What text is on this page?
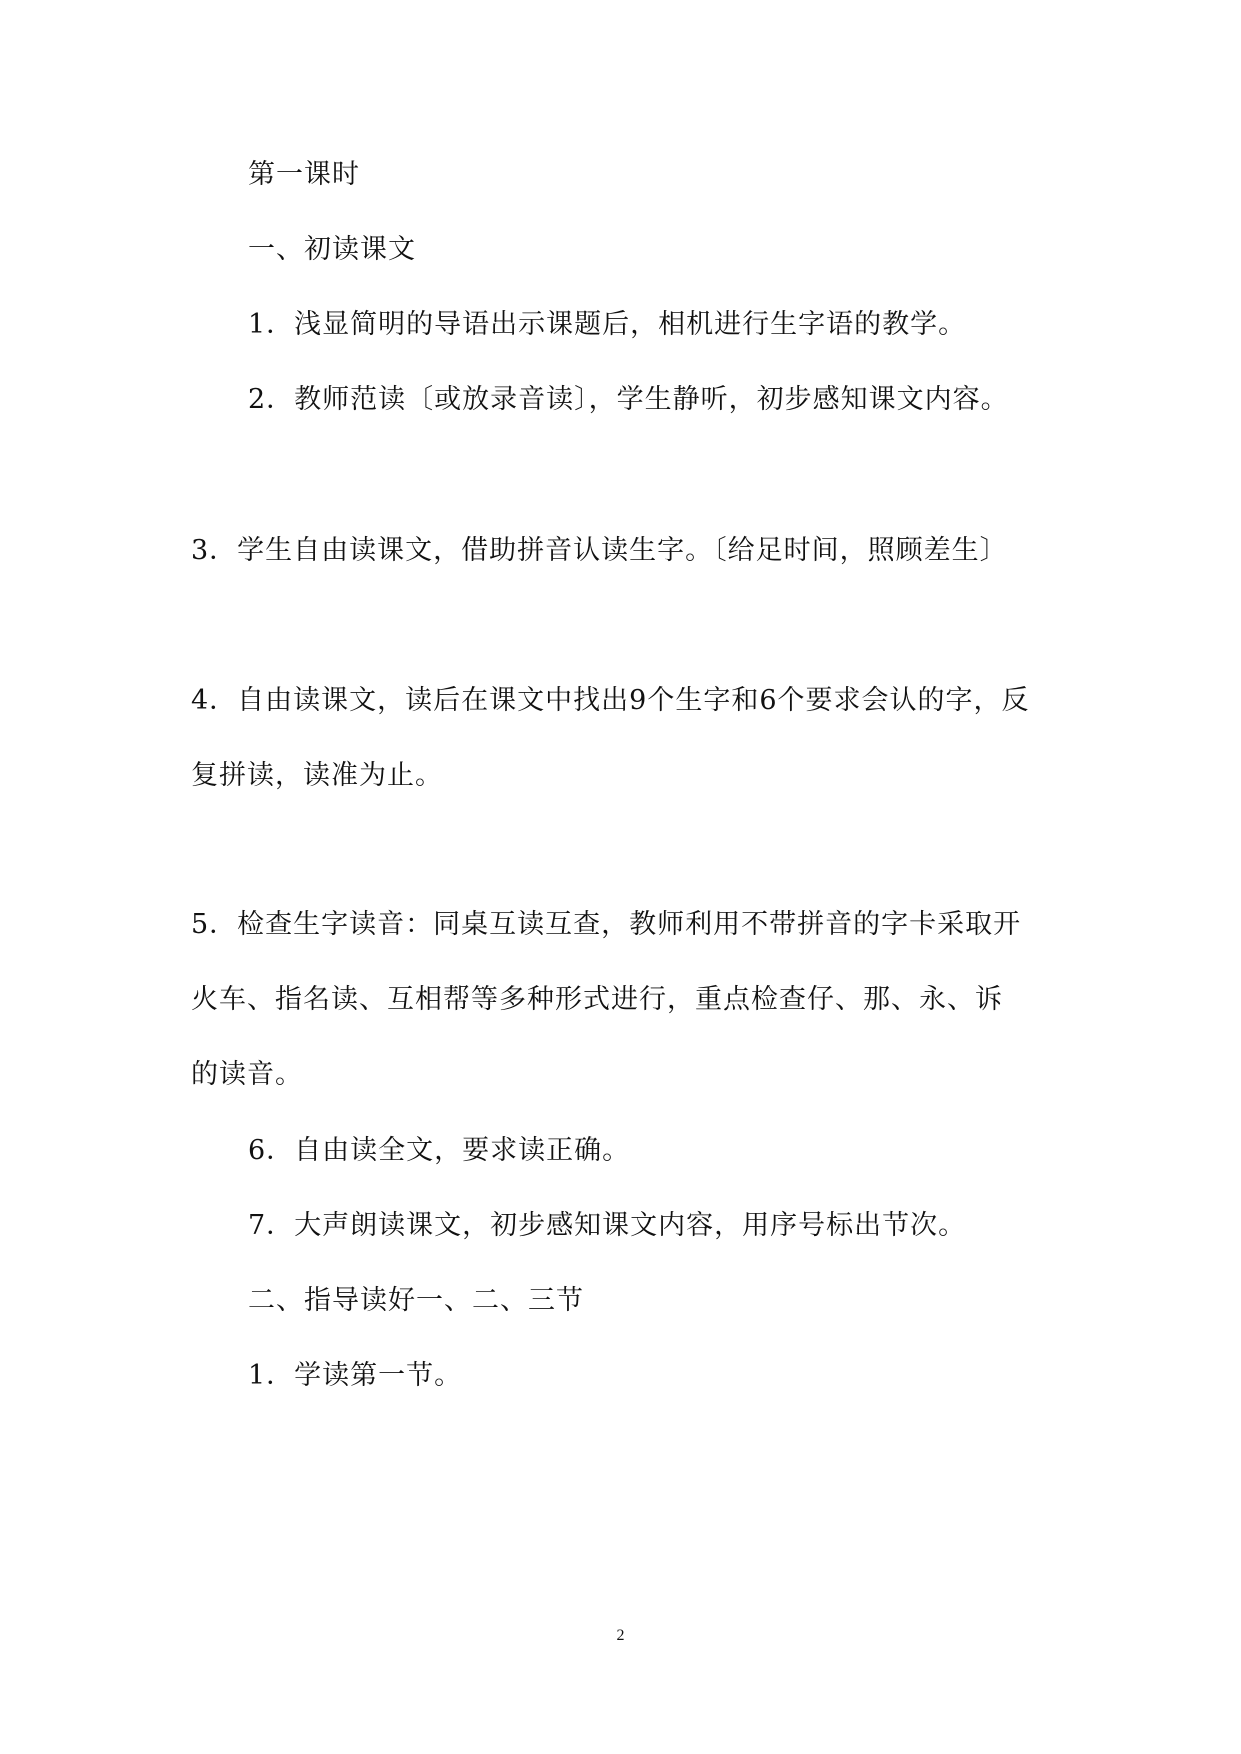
第一课时
一、初读课文
1．浅显简明的导语出示课题后，相机进行生字语的教学。
2．教师范读〔或放录音读〕，学生静听，初步感知课文内容。
3．学生自由读课文，借助拼音认读生字。〔给足时间，照顾差生〕
4．自由读课文，读后在课文中找出9个生字和6个要求会认的字，反
复拼读，读准为止。
5．检查生字读音：同桌互读互查，教师利用不带拼音的字卡采取开
火车、指名读、互相帮等多种形式进行，重点检查仔、那、永、诉
的读音。
6．自由读全文，要求读正确。
7．大声朗读课文，初步感知课文内容，用序号标出节次。
二、指导读好一、二、三节
1．学读第一节。
2
